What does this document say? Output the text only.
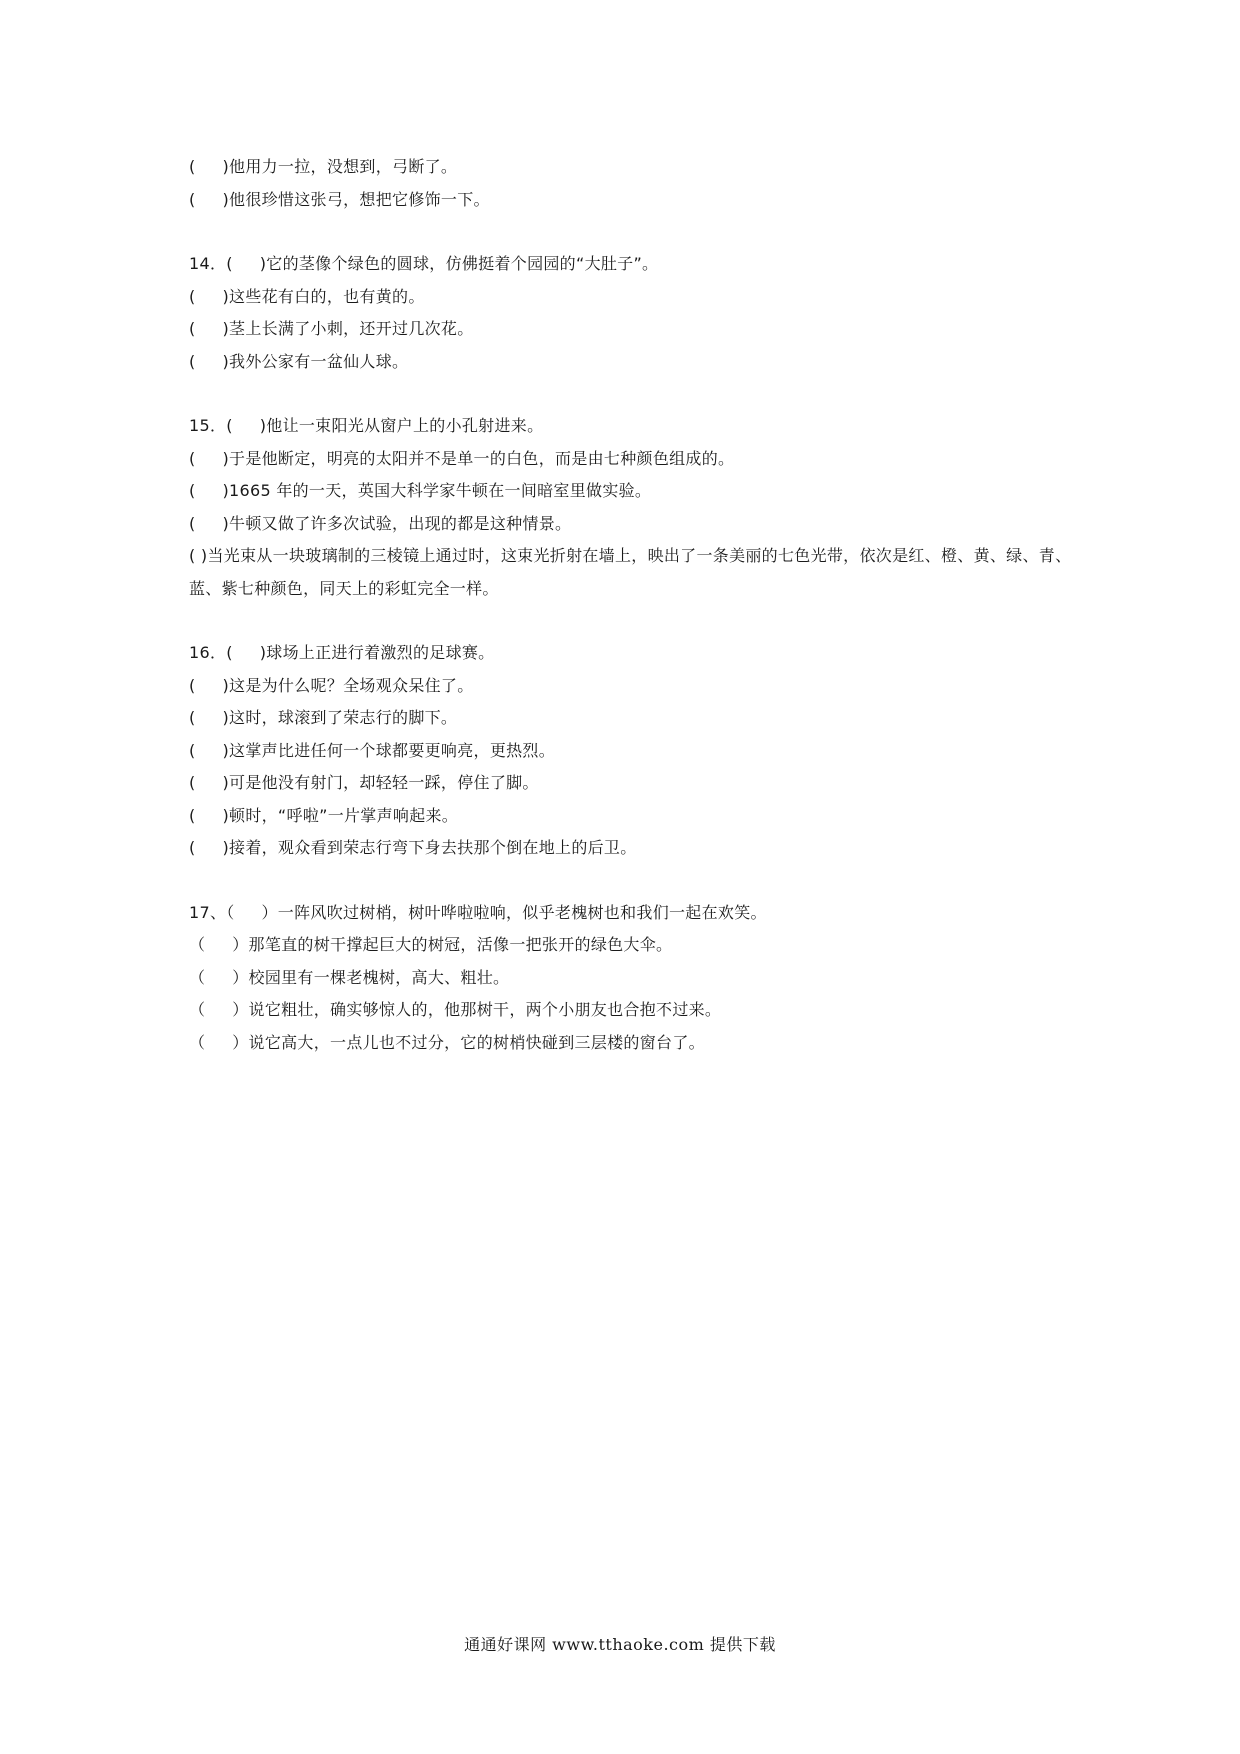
(     )他用力一拉，没想到，弓断了。
(     )他很珍惜这张弓，想把它修饰一下。
14．(     )它的茎像个绿色的圆球，仿佛挺着个园园的“大肚子”。
(     )这些花有白的，也有黄的。
(     )茎上长满了小刺，还开过几次花。
(     )我外公家有一盆仙人球。
15．(     )他让一束阳光从窗户上的小孔射进来。
(     )于是他断定，明亮的太阳并不是单一的白色，而是由七种颜色组成的。
(     )1665 年的一天，英国大科学家牛顿在一间暗室里做实验。
(     )牛顿又做了许多次试验，出现的都是这种情景。
( )当光束从一块玻璃制的三棱镜上通过时，这束光折射在墙上，映出了一条美丽的七色光带，依次是红、橙、黄、绿、青、蓝、紫七种颜色，同天上的彩虹完全一样。
16．(     )球场上正进行着激烈的足球赛。
(     )这是为什么呢？全场观众呆住了。
(     )这时，球滚到了荣志行的脚下。
(     )这掌声比进任何一个球都要更响亮，更热烈。
(     )可是他没有射门，却轻轻一踩，停住了脚。
(     )顿时，“呼啦”一片掌声响起来。
(     )接着，观众看到荣志行弯下身去扶那个倒在地上的后卫。
17、（     ）一阵风吹过树梢，树叶哗啦啦响，似乎老槐树也和我们一起在欢笑。
（     ）那笔直的树干撑起巨大的树冠，活像一把张开的绿色大伞。
（     ）校园里有一棵老槐树，高大、粗壮。
（     ）说它粗壮，确实够惊人的，他那树干，两个小朋友也合抱不过来。
（     ）说它高大，一点儿也不过分，它的树梢快碰到三层楼的窗台了。
通通好课网 www.tthaoke.com 提供下载
